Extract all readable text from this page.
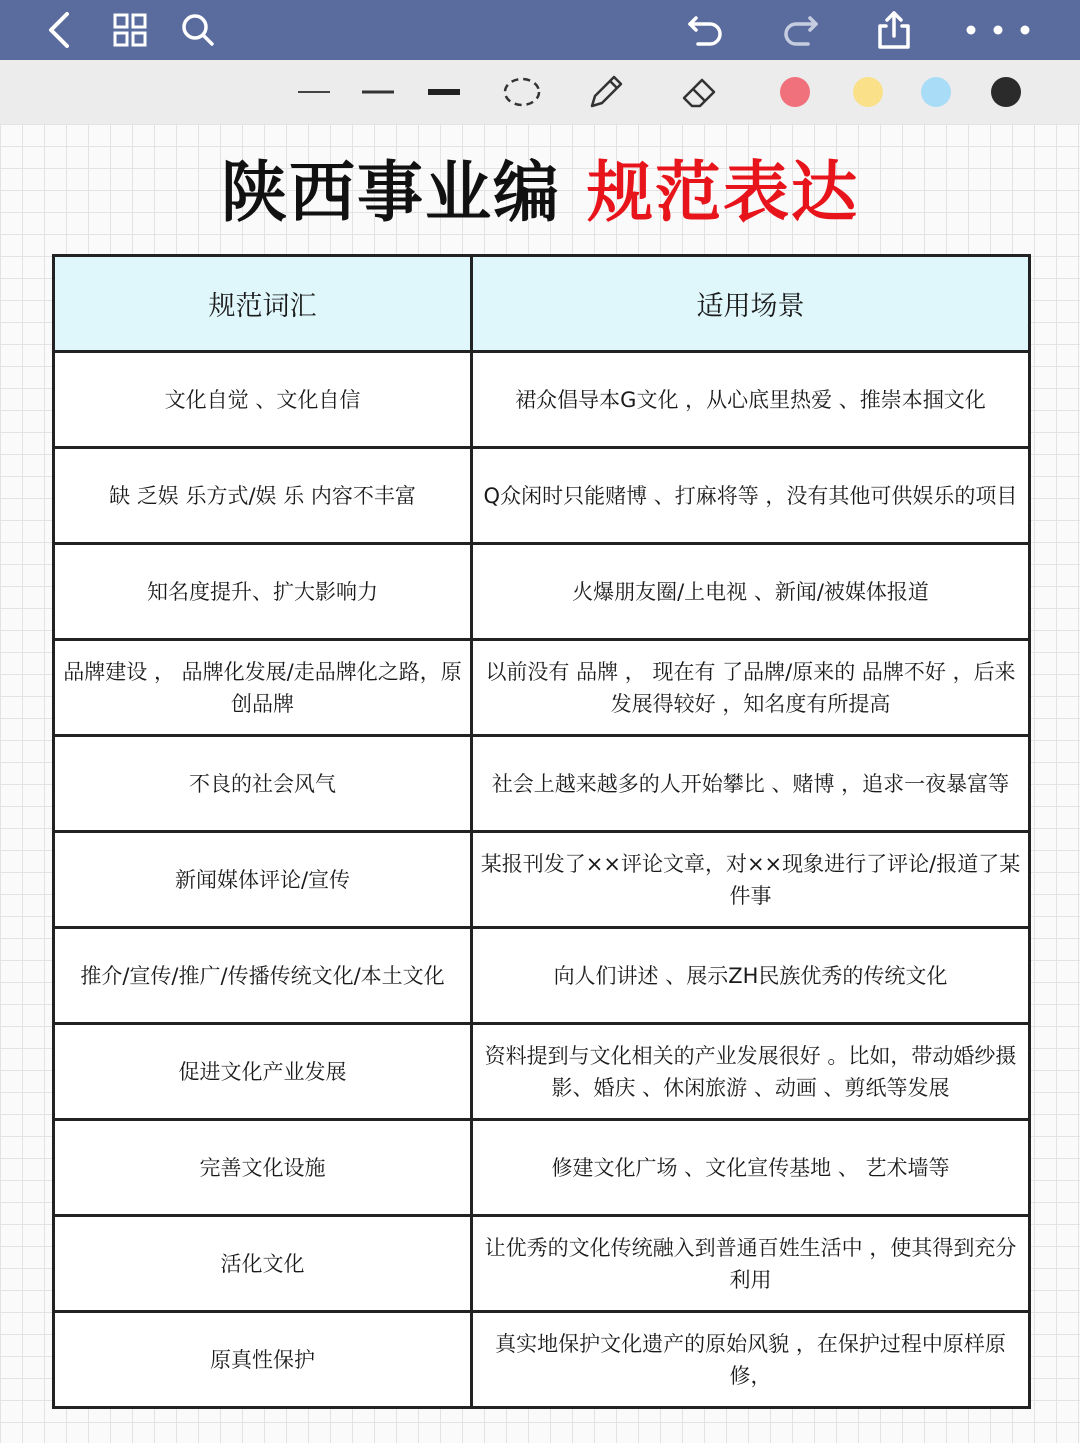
陕西事业编 规范表达
规范词汇	适用场景
文化自觉 、文化自信	裙众倡导本G文化 ，从心底里热爱 、推崇本掴文化
缺 乏娱 乐方式/娱 乐 内容不丰富	Q众闲时只能赌博 、打麻将等 ，没有其他可供娱乐的项目
知名度提升、扩大影响力	火爆朋友圈/上电视 、新闻/被媒体报道
品牌建设 ， 品牌化发展/走品牌化之路，原创品牌	以前没有 品牌 ， 现在有 了品牌/原来的 品牌不好 ，后来发展得较好 ，知名度有所提高
不良的社会风气	社会上越来越多的人开始攀比 、赌博 ，追求一夜暴富等
新闻媒体评论/宣传	某报刊发了××评论文章，对××现象进行了评论/报道了某件事
推介/宣传/推广/传播传统文化/本土文化	向人们讲述 、展示ZH民族优秀的传统文化
促进文化产业发展	资料提到与文化相关的产业发展很好 。比如，带动婚纱摄影、婚庆 、休闲旅游 、动画 、剪纸等发展
完善文化设施	修建文化广场 、文化宣传基地 、 艺术墙等
活化文化	让优秀的文化传统融入到普通百姓生活中 ，使其得到充分利用
原真性保护	真实地保护文化遗产的原始风貌 ，在保护过程中原样原修，
